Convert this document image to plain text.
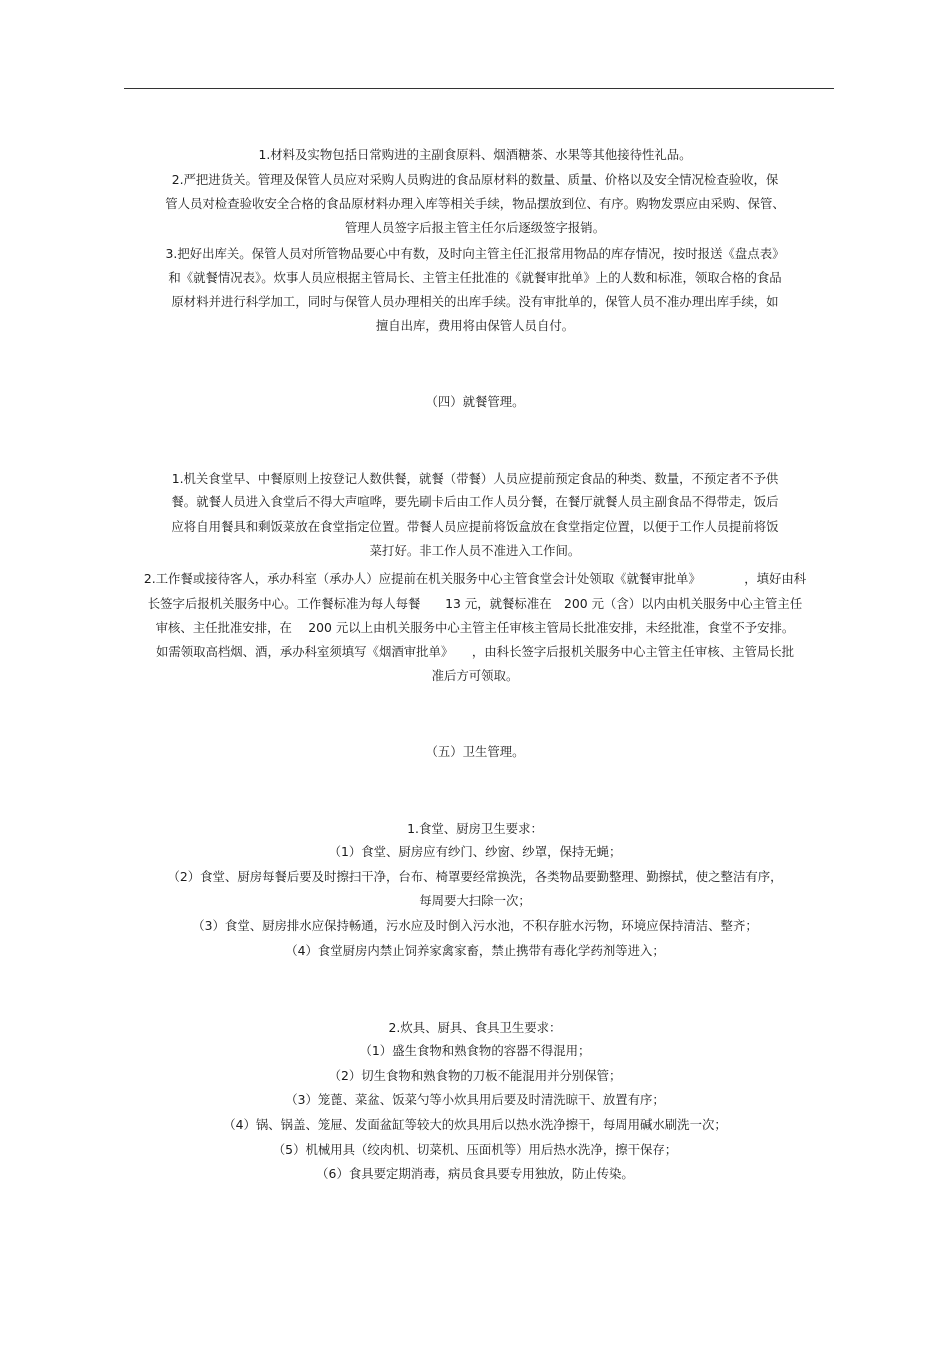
1.材料及实物包括日常购进的主副食原料、烟酒糖茶、水果等其他接待性礼品。
2.严把进货关。管理及保管人员应对采购人员购进的食品原材料的数量、质量、价格以及安全情况检查验收，保
管人员对检查验收安全合格的食品原材料办理入库等相关手续，物品摆放到位、有序。购物发票应由采购、保管、
管理人员签字后报主管主任尔后逐级签字报销。
3.把好出库关。保管人员对所管物品要心中有数，及时向主管主任汇报常用物品的库存情况，按时报送《盘点表》
和《就餐情况表》。炊事人员应根据主管局长、主管主任批准的《就餐审批单》上的人数和标准，领取合格的食品
原材料并进行科学加工，同时与保管人员办理相关的出库手续。没有审批单的，保管人员不准办理出库手续，如
擅自出库，费用将由保管人员自付。
（四）就餐管理。
1.机关食堂早、中餐原则上按登记人数供餐，就餐（带餐）人员应提前预定食品的种类、数量，不预定者不予供
餐。就餐人员进入食堂后不得大声喧哗，要先刷卡后由工作人员分餐，在餐厅就餐人员主副食品不得带走，饭后
应将自用餐具和剩饭菜放在食堂指定位置。带餐人员应提前将饭盒放在食堂指定位置，以便于工作人员提前将饭
菜打好。非工作人员不准进入工作间。
2.工作餐或接待客人，承办科室（承办人）应提前在机关服务中心主管食堂会计处领取《就餐审批单》　　　　，填好由科
长签字后报机关服务中心。工作餐标准为每人每餐　　13 元，就餐标准在　200 元（含）以内由机关服务中心主管主任
审核、主任批准安排，在　 200 元以上由机关服务中心主管主任审核主管局长批准安排，未经批准，食堂不予安排。
如需领取高档烟、酒，承办科室须填写《烟酒审批单》　　，由科长签字后报机关服务中心主管主任审核、主管局长批
准后方可领取。
（五）卫生管理。
1.食堂、厨房卫生要求：
（1）食堂、厨房应有纱门、纱窗、纱罩，保持无蝇；
（2）食堂、厨房每餐后要及时擦扫干净，台布、椅罩要经常换洗，各类物品要勤整理、勤擦拭，使之整洁有序，
每周要大扫除一次；
（3）食堂、厨房排水应保持畅通，污水应及时倒入污水池，不积存脏水污物，环境应保持清洁、整齐；
（4）食堂厨房内禁止饲养家禽家畜，禁止携带有毒化学药剂等进入；
2.炊具、厨具、食具卫生要求：
（1）盛生食物和熟食物的容器不得混用；
（2）切生食物和熟食物的刀板不能混用并分别保管；
（3）笼蓖、菜盆、饭菜勺等小炊具用后要及时清洗晾干、放置有序；
（4）锅、锅盖、笼屉、发面盆缸等较大的炊具用后以热水洗净擦干，每周用碱水刷洗一次；
（5）机械用具（绞肉机、切菜机、压面机等）用后热水洗净，擦干保存；
（6）食具要定期消毒，病员食具要专用独放，防止传染。
